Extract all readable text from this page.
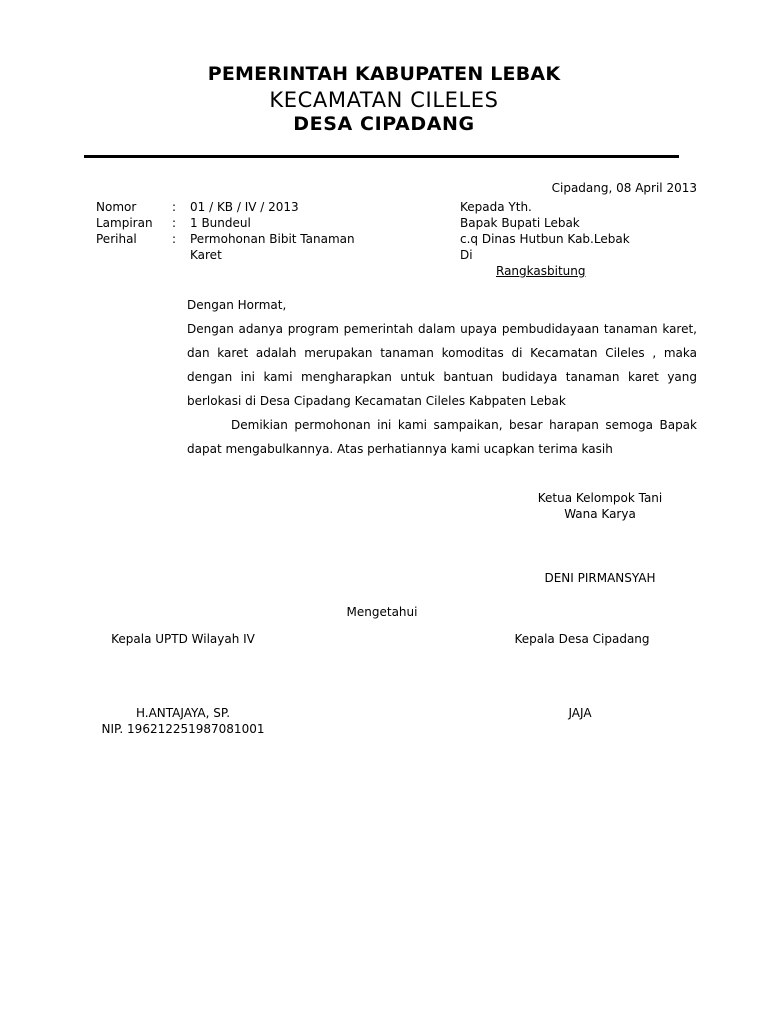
PEMERINTAH KABUPATEN LEBAK
KECAMATAN CILELES
DESA CIPADANG
Cipadang, 08 April 2013
Nomor	: 01 / KB / IV / 2013
Lampiran : 1 Bundeul
Perihal	: Permohonan Bibit Tanaman
Karet
Kepada Yth.
Bapak Bupati Lebak
c.q Dinas Hutbun Kab.Lebak
Di
Rangkasbitung
Dengan Hormat,

Dengan adanya program pemerintah dalam upaya pembudidayaan tanaman karet, dan karet adalah merupakan tanaman komoditas di Kecamatan Cileles , maka dengan ini kami mengharapkan untuk bantuan budidaya tanaman karet yang berlokasi di Desa Cipadang Kecamatan Cileles Kabpaten Lebak

Demikian permohonan ini kami sampaikan, besar harapan semoga Bapak dapat mengabulkannya. Atas perhatiannya kami ucapkan terima kasih

Ketua Kelompok Tani
Wana Karya
DENI PIRMANSYAH
Mengetahui
Kepala UPTD Wilayah IV	Kepala Desa Cipadang
H.ANTAJAYA, SP.
NIP. 196212251987081001
JAJA
